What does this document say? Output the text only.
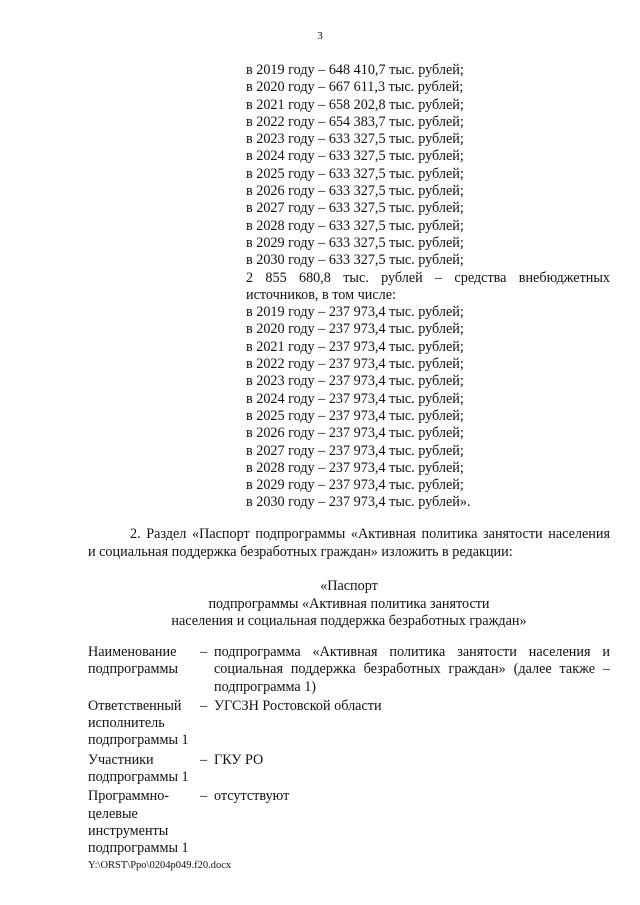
3
в 2019 году – 648 410,7 тыс. рублей;
в 2020 году – 667 611,3 тыс. рублей;
в 2021 году – 658 202,8 тыс. рублей;
в 2022 году – 654 383,7 тыс. рублей;
в 2023 году – 633 327,5 тыс. рублей;
в 2024 году – 633 327,5 тыс. рублей;
в 2025 году – 633 327,5 тыс. рублей;
в 2026 году – 633 327,5 тыс. рублей;
в 2027 году – 633 327,5 тыс. рублей;
в 2028 году – 633 327,5 тыс. рублей;
в 2029 году – 633 327,5 тыс. рублей;
в 2030 году – 633 327,5 тыс. рублей;
2 855 680,8 тыс. рублей – средства внебюджетных
источников, в том числе:
в 2019 году – 237 973,4 тыс. рублей;
в 2020 году – 237 973,4 тыс. рублей;
в 2021 году – 237 973,4 тыс. рублей;
в 2022 году – 237 973,4 тыс. рублей;
в 2023 году – 237 973,4 тыс. рублей;
в 2024 году – 237 973,4 тыс. рублей;
в 2025 году – 237 973,4 тыс. рублей;
в 2026 году – 237 973,4 тыс. рублей;
в 2027 году – 237 973,4 тыс. рублей;
в 2028 году – 237 973,4 тыс. рублей;
в 2029 году – 237 973,4 тыс. рублей;
в 2030 году – 237 973,4 тыс. рублей».
2. Раздел «Паспорт подпрограммы «Активная политика занятости населения
и социальная поддержка безработных граждан» изложить в редакции:
«Паспорт
подпрограммы «Активная политика занятости
населения и социальная поддержка безработных граждан»
Наименование подпрограммы
– подпрограмма «Активная политика занятости населения и социальная поддержка безработных граждан» (далее также – подпрограмма 1)
Ответственный исполнитель подпрограммы 1
– УГСЗН Ростовской области
Участники подпрограммы 1
– ГКУ РО
Программно-целевые инструменты подпрограммы 1
– отсутствуют
Y:\ORST\Ppo\0204p049.f20.docx
